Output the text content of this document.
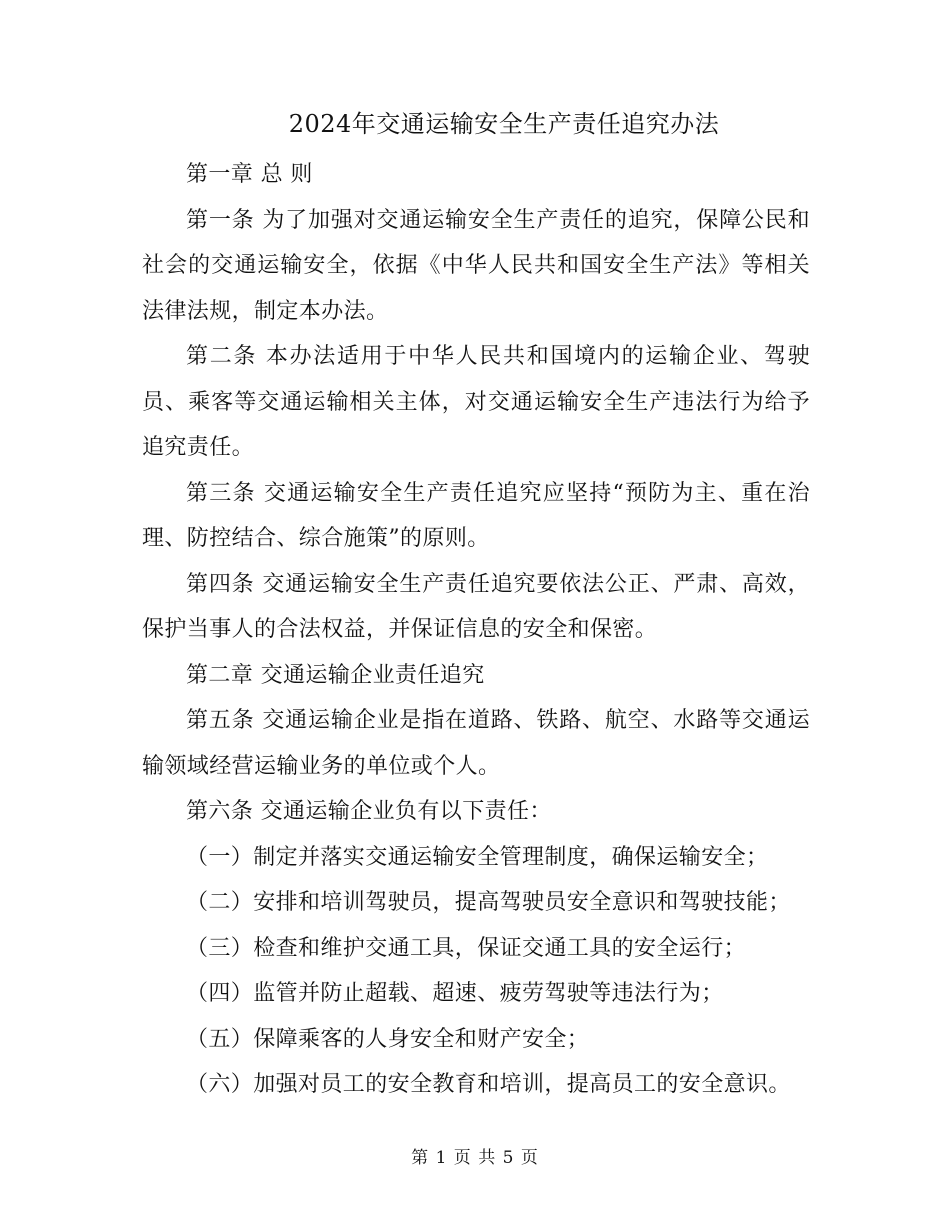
2024年交通运输安全生产责任追究办法

第一章 总 则

第一条 为了加强对交通运输安全生产责任的追究，保障公民和社会的交通运输安全，依据《中华人民共和国安全生产法》等相关法律法规，制定本办法。

第二条 本办法适用于中华人民共和国境内的运输企业、驾驶员、乘客等交通运输相关主体，对交通运输安全生产违法行为给予追究责任。

第三条 交通运输安全生产责任追究应坚持“预防为主、重在治理、防控结合、综合施策”的原则。

第四条 交通运输安全生产责任追究要依法公正、严肃、高效，保护当事人的合法权益，并保证信息的安全和保密。

第二章 交通运输企业责任追究

第五条 交通运输企业是指在道路、铁路、航空、水路等交通运输领域经营运输业务的单位或个人。

第六条 交通运输企业负有以下责任：

（一）制定并落实交通运输安全管理制度，确保运输安全；

（二）安排和培训驾驶员，提高驾驶员安全意识和驾驶技能；

（三）检查和维护交通工具，保证交通工具的安全运行；

（四）监管并防止超载、超速、疲劳驾驶等违法行为；

（五）保障乘客的人身安全和财产安全；

（六）加强对员工的安全教育和培训，提高员工的安全意识。

第 1 页 共 5 页
